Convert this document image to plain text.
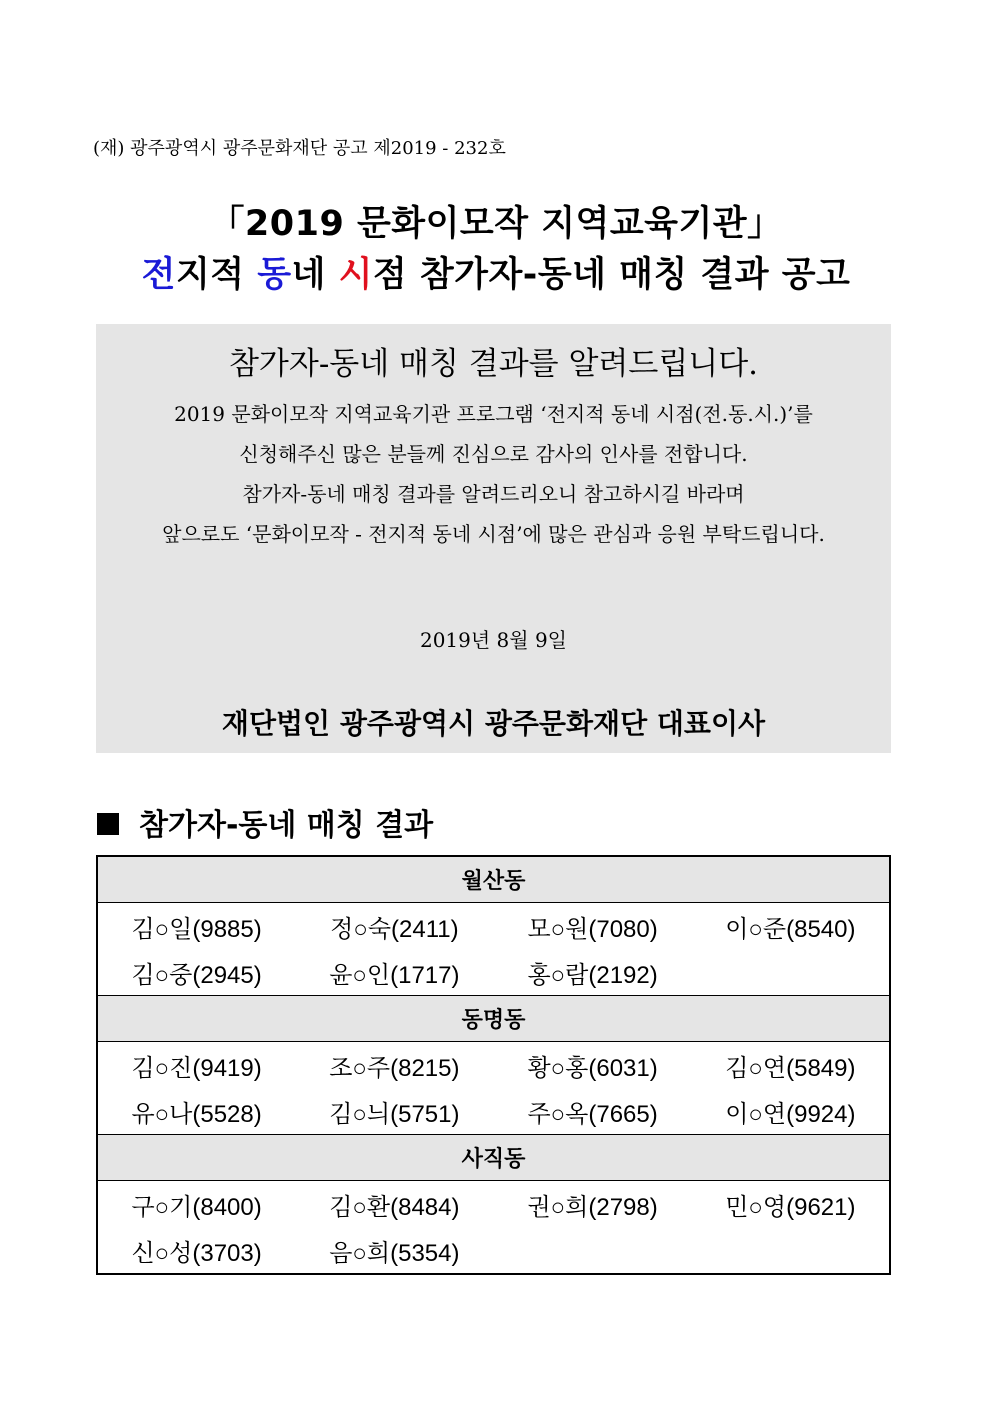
(재) 광주광역시 광주문화재단 공고 제2019 - 232호
「2019 문화이모작 지역교육기관」
전지적 동네 시점 참가자-동네 매칭 결과 공고
참가자-동네 매칭 결과를 알려드립니다.
2019 문화이모작 지역교육기관 프로그램 ‘전지적 동네 시점(전.동.시.)’를
신청해주신 많은 분들께 진심으로 감사의 인사를 전합니다.
참가자-동네 매칭 결과를 알려드리오니 참고하시길 바라며
앞으로도 ‘문화이모작 - 전지적 동네 시점’에 많은 관심과 응원 부탁드립니다.
2019년 8월 9일
재단법인 광주광역시 광주문화재단 대표이사
참가자-동네 매칭 결과
월산동			
김○일(9885)	정○숙(2411)	모○원(7080)	이○준(8540)
김○중(2945)	윤○인(1717)	홍○람(2192)	
동명동			
김○진(9419)	조○주(8215)	황○홍(6031)	김○연(5849)
유○나(5528)	김○늬(5751)	주○옥(7665)	이○연(9924)
사직동			
구○기(8400)	김○환(8484)	권○희(2798)	민○영(9621)
신○성(3703)	음○희(5354)		
